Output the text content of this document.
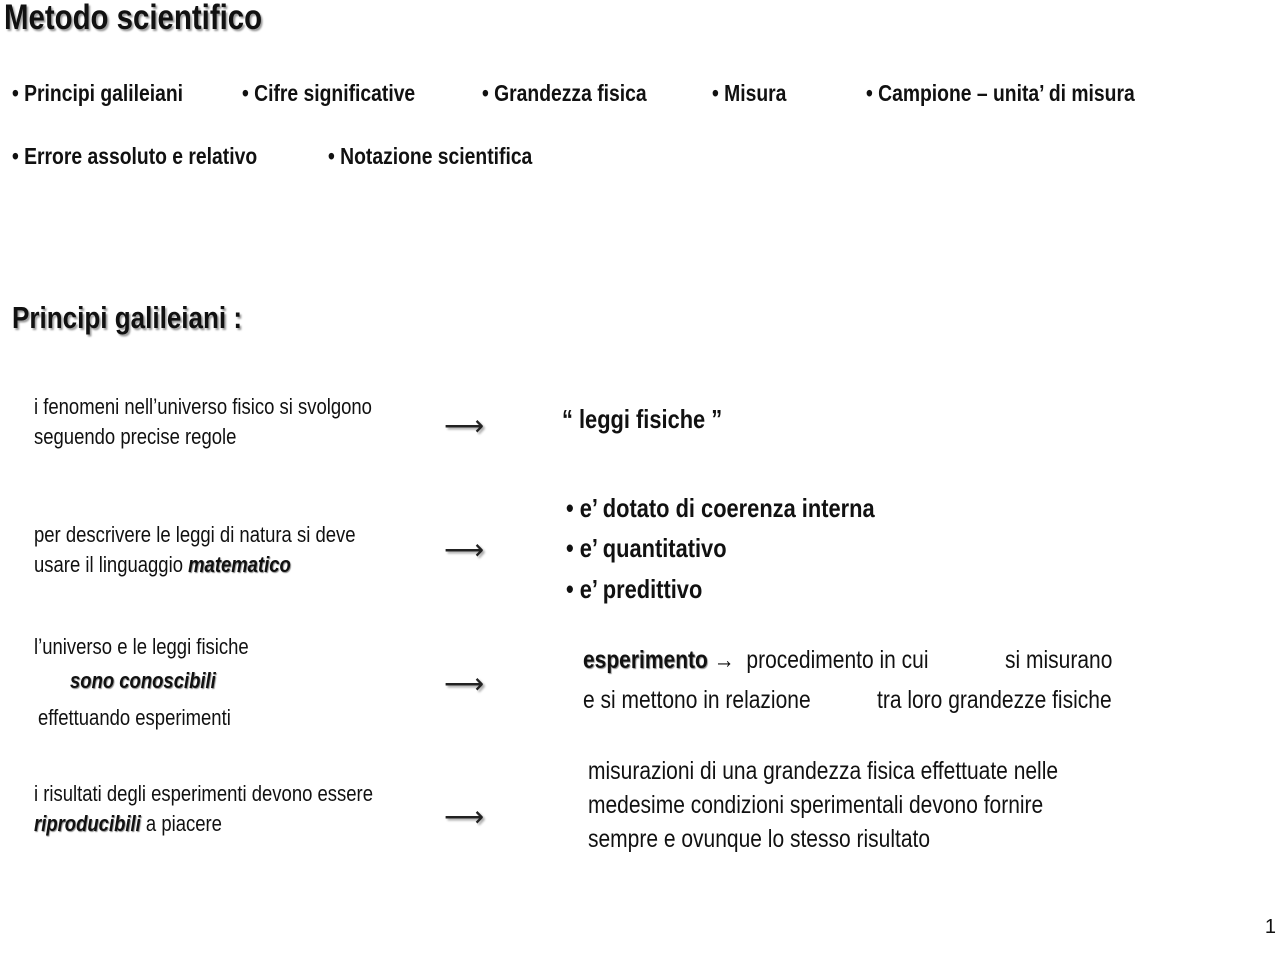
Metodo scientifico
• Principi galileiani	• Cifre significative	• Grandezza fisica	• Misura	• Campione – unita’ di misura
• Errore assoluto e relativo	• Notazione scientifica
Principi galileiani :
i fenomeni nell’universo fisico si svolgono
seguendo precise regole	⟶	“ leggi fisiche ”
per descrivere le leggi di natura si deve
usare il linguaggio matematico	⟶
• e’ dotato di coerenza interna
• e’ quantitativo
• e’ predittivo
l’universo e le leggi fisiche
sono conoscibili
effettuando esperimenti
⟶
esperimento → procedimento in cui	si misurano
e si mettono in relazione	tra loro grandezze fisiche
i risultati degli esperimenti devono essere
riproducibili a piacere	⟶
misurazioni di una grandezza fisica effettuate nelle
medesime condizioni sperimentali devono fornire
sempre e ovunque lo stesso risultato
1
